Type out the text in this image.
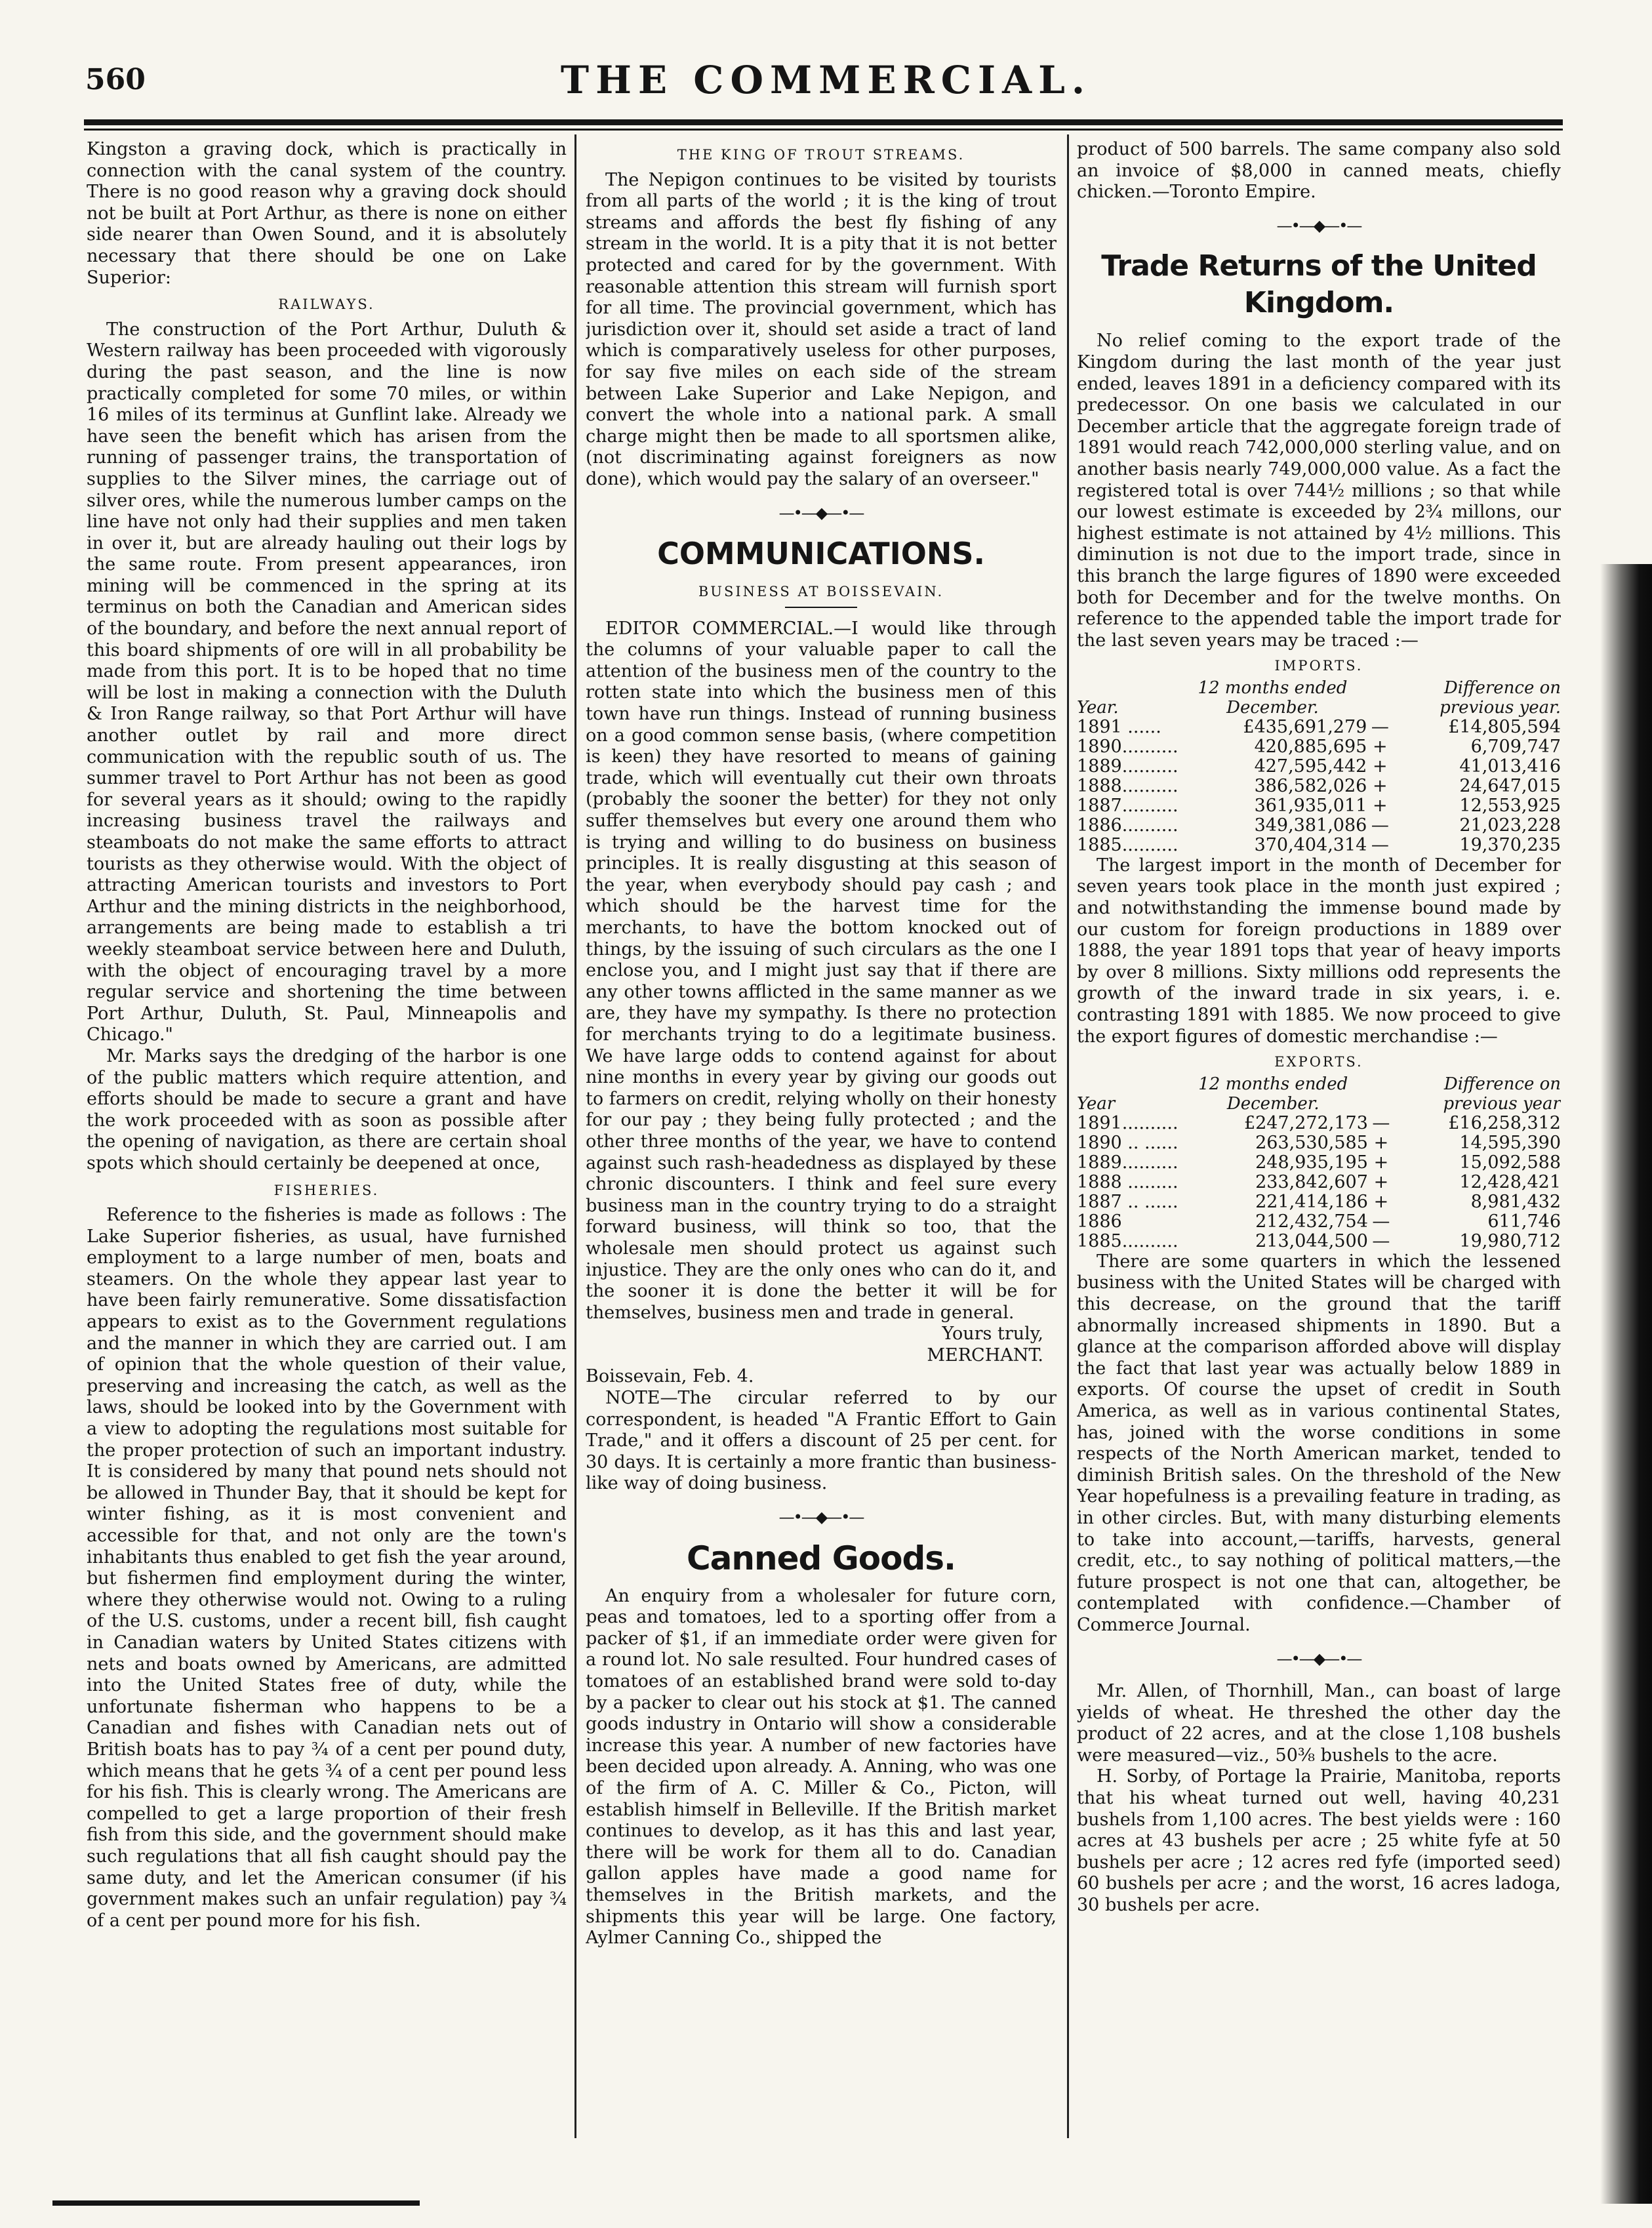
560	THE COMMERCIAL.

Kingston a graving dock, which is practically in connection with the canal system of the country. There is no good reason why a graving dock should not be built at Port Arthur, as there is none on either side nearer than Owen Sound, and it is absolutely necessary that there should be one on Lake Superior:

RAILWAYS.

The construction of the Port Arthur, Duluth & Western railway has been proceeded with vigorously during the past season, and the line is now practically completed for some 70 miles, or within 16 miles of its terminus at Gunflint lake. Already we have seen the benefit which has arisen from the running of passenger trains, the transportation of supplies to the Silver mines, the carriage out of silver ores, while the numerous lumber camps on the line have not only had their supplies and men taken in over it, but are already hauling out their logs by the same route. From present appearances, iron mining will be commenced in the spring at its terminus on both the Canadian and American sides of the boundary, and before the next annual report of this board shipments of ore will in all probability be made from this port. It is to be hoped that no time will be lost in making a connection with the Duluth & Iron Range railway, so that Port Arthur will have another outlet by rail and more direct communication with the republic south of us. The summer travel to Port Arthur has not been as good for several years as it should; owing to the rapidly increasing business travel the railways and steamboats do not make the same efforts to attract tourists as they otherwise would. With the object of attracting American tourists and investors to Port Arthur and the mining districts in the neighborhood, arrangements are being made to establish a tri weekly steamboat service between here and Duluth, with the object of encouraging travel by a more regular service and shortening the time between Port Arthur, Duluth, St. Paul, Minneapolis and Chicago."

Mr. Marks says the dredging of the harbor is one of the public matters which require attention, and efforts should be made to secure a grant and have the work proceeded with as soon as possible after the opening of navigation, as there are certain shoal spots which should certainly be deepened at once,

FISHERIES.

Reference to the fisheries is made as follows : The Lake Superior fisheries, as usual, have furnished employment to a large number of men, boats and steamers. On the whole they appear last year to have been fairly remunerative. Some dissatisfaction appears to exist as to the Government regulations and the manner in which they are carried out. I am of opinion that the whole question of their value, preserving and increasing the catch, as well as the laws, should be looked into by the Government with a view to adopting the regulations most suitable for the proper protection of such an important industry. It is considered by many that pound nets should not be allowed in Thunder Bay, that it should be kept for winter fishing, as it is most convenient and accessible for that, and not only are the town's inhabitants thus enabled to get fish the year around, but fishermen find employment during the winter, where they otherwise would not. Owing to a ruling of the U.S. customs, under a recent bill, fish caught in Canadian waters by United States citizens with nets and boats owned by Americans, are admitted into the United States free of duty, while the unfortunate fisherman who happens to be a Canadian and fishes with Canadian nets out of British boats has to pay ¾ of a cent per pound duty, which means that he gets ¾ of a cent per pound less for his fish. This is clearly wrong. The Americans are compelled to get a large proportion of their fresh fish from this side, and the government should make such regulations that all fish caught should pay the same duty, and let the American consumer (if his government makes such an unfair regulation) pay ¾ of a cent per pound more for his fish.

THE KING OF TROUT STREAMS.

The Nepigon continues to be visited by tourists from all parts of the world ; it is the king of trout streams and affords the best fly fishing of any stream in the world. It is a pity that it is not better protected and cared for by the government. With reasonable attention this stream will furnish sport for all time. The provincial government, which has jurisdiction over it, should set aside a tract of land which is comparatively useless for other purposes, for say five miles on each side of the stream between Lake Superior and Lake Nepigon, and convert the whole into a national park. A small charge might then be made to all sportsmen alike, (not discriminating against foreigners as now done), which would pay the salary of an overseer."

—•—◆—•—
COMMUNICATIONS.
BUSINESS AT BOISSEVAIN.

EDITOR COMMERCIAL.—I would like through the columns of your valuable paper to call the attention of the business men of the country to the rotten state into which the business men of this town have run things. Instead of running business on a good common sense basis, (where competition is keen) they have resorted to means of gaining trade, which will eventually cut their own throats (probably the sooner the better) for they not only suffer themselves but every one around them who is trying and willing to do business on business principles. It is really disgusting at this season of the year, when everybody should pay cash ; and which should be the harvest time for the merchants, to have the bottom knocked out of things, by the issuing of such circulars as the one I enclose you, and I might just say that if there are any other towns afflicted in the same manner as we are, they have my sympathy. Is there no protection for merchants trying to do a legitimate business. We have large odds to contend against for about nine months in every year by giving our goods out to farmers on credit, relying wholly on their honesty for our pay ; they being fully protected ; and the other three months of the year, we have to contend against such rash-headedness as displayed by these chronic discounters. I think and feel sure every business man in the country trying to do a straight forward business, will think so too, that the wholesale men should protect us against such injustice. They are the only ones who can do it, and the sooner it is done the better it will be for themselves, business men and trade in general.

Yours truly,

MERCHANT.

Boissevain, Feb. 4.

NOTE—The circular referred to by our correspondent, is headed "A Frantic Effort to Gain Trade," and it offers a discount of 25 per cent. for 30 days. It is certainly a more frantic than business-like way of doing business.

—•—◆—•—
Canned Goods.

An enquiry from a wholesaler for future corn, peas and tomatoes, led to a sporting offer from a packer of $1, if an immediate order were given for a round lot. No sale resulted. Four hundred cases of tomatoes of an established brand were sold to-day by a packer to clear out his stock at $1. The canned goods industry in Ontario will show a considerable increase this year. A number of new factories have been decided upon already. A. Anning, who was one of the firm of A. C. Miller & Co., Picton, will establish himself in Belleville. If the British market continues to develop, as it has this and last year, there will be work for them all to do. Canadian gallon apples have made a good name for themselves in the British markets, and the shipments this year will be large. One factory, Aylmer Canning Co., shipped the

product of 500 barrels. The same company also sold an invoice of $8,000 in canned meats, chiefly chicken.—Toronto Empire.

—•—◆—•—
Trade Returns of the United Kingdom.

No relief coming to the export trade of the Kingdom during the last month of the year just ended, leaves 1891 in a deficiency compared with its predecessor. On one basis we calculated in our December article that the aggregate foreign trade of 1891 would reach 742,000,000 sterling value, and on another basis nearly 749,000,000 value. As a fact the registered total is over 744½ millions ; so that while our lowest estimate is exceeded by 2¾ millons, our highest estimate is not attained by 4½ millions. This diminution is not due to the import trade, since in this branch the large figures of 1890 were exceeded both for December and for the twelve months. On reference to the appended table the import trade for the last seven years may be traced :—

IMPORTS.
Year.	12 months ended December.	Difference on previous year.	
1891 ......	£435,691,279	—	£14,805,594
1890..........	420,885,695	+	6,709,747
1889..........	427,595,442	+	41,013,416
1888..........	386,582,026	+	24,647,015
1887..........	361,935,011	+	12,553,925
1886..........	349,381,086	—	21,023,228
1885..........	370,404,314	—	19,370,235

The largest import in the month of December for seven years took place in the month just expired ; and notwithstanding the immense bound made by our custom for foreign productions in 1889 over 1888, the year 1891 tops that year of heavy imports by over 8 millions. Sixty millions odd represents the growth of the inward trade in six years, i. e. contrasting 1891 with 1885. We now proceed to give the export figures of domestic merchandise :—

EXPORTS.
Year	12 months ended December.	Difference on previous year	
1891..........	£247,272,173	—	£16,258,312
1890 .. ......	263,530,585	+	14,595,390
1889..........	248,935,195	+	15,092,588
1888 .........	233,842,607	+	12,428,421
1887 .. ......	221,414,186	+	8,981,432
1886	212,432,754	—	611,746
1885..........	213,044,500	—	19,980,712

There are some quarters in which the lessened business with the United States will be charged with this decrease, on the ground that the tariff abnormally increased shipments in 1890. But a glance at the comparison afforded above will display the fact that last year was actually below 1889 in exports. Of course the upset of credit in South America, as well as in various continental States, has, joined with the worse conditions in some respects of the North American market, tended to diminish British sales. On the threshold of the New Year hopefulness is a prevailing feature in trading, as in other circles. But, with many disturbing elements to take into account,—tariffs, harvests, general credit, etc., to say nothing of political matters,—the future prospect is not one that can, altogether, be contemplated with confidence.—Chamber of Commerce Journal.

—•—◆—•—

Mr. Allen, of Thornhill, Man., can boast of large yields of wheat. He threshed the other day the product of 22 acres, and at the close 1,108 bushels were measured—viz., 50⅜ bushels to the acre.

H. Sorby, of Portage la Prairie, Manitoba, reports that his wheat turned out well, having 40,231 bushels from 1,100 acres. The best yields were : 160 acres at 43 bushels per acre ; 25 white fyfe at 50 bushels per acre ; 12 acres red fyfe (imported seed) 60 bushels per acre ; and the worst, 16 acres ladoga, 30 bushels per acre.
